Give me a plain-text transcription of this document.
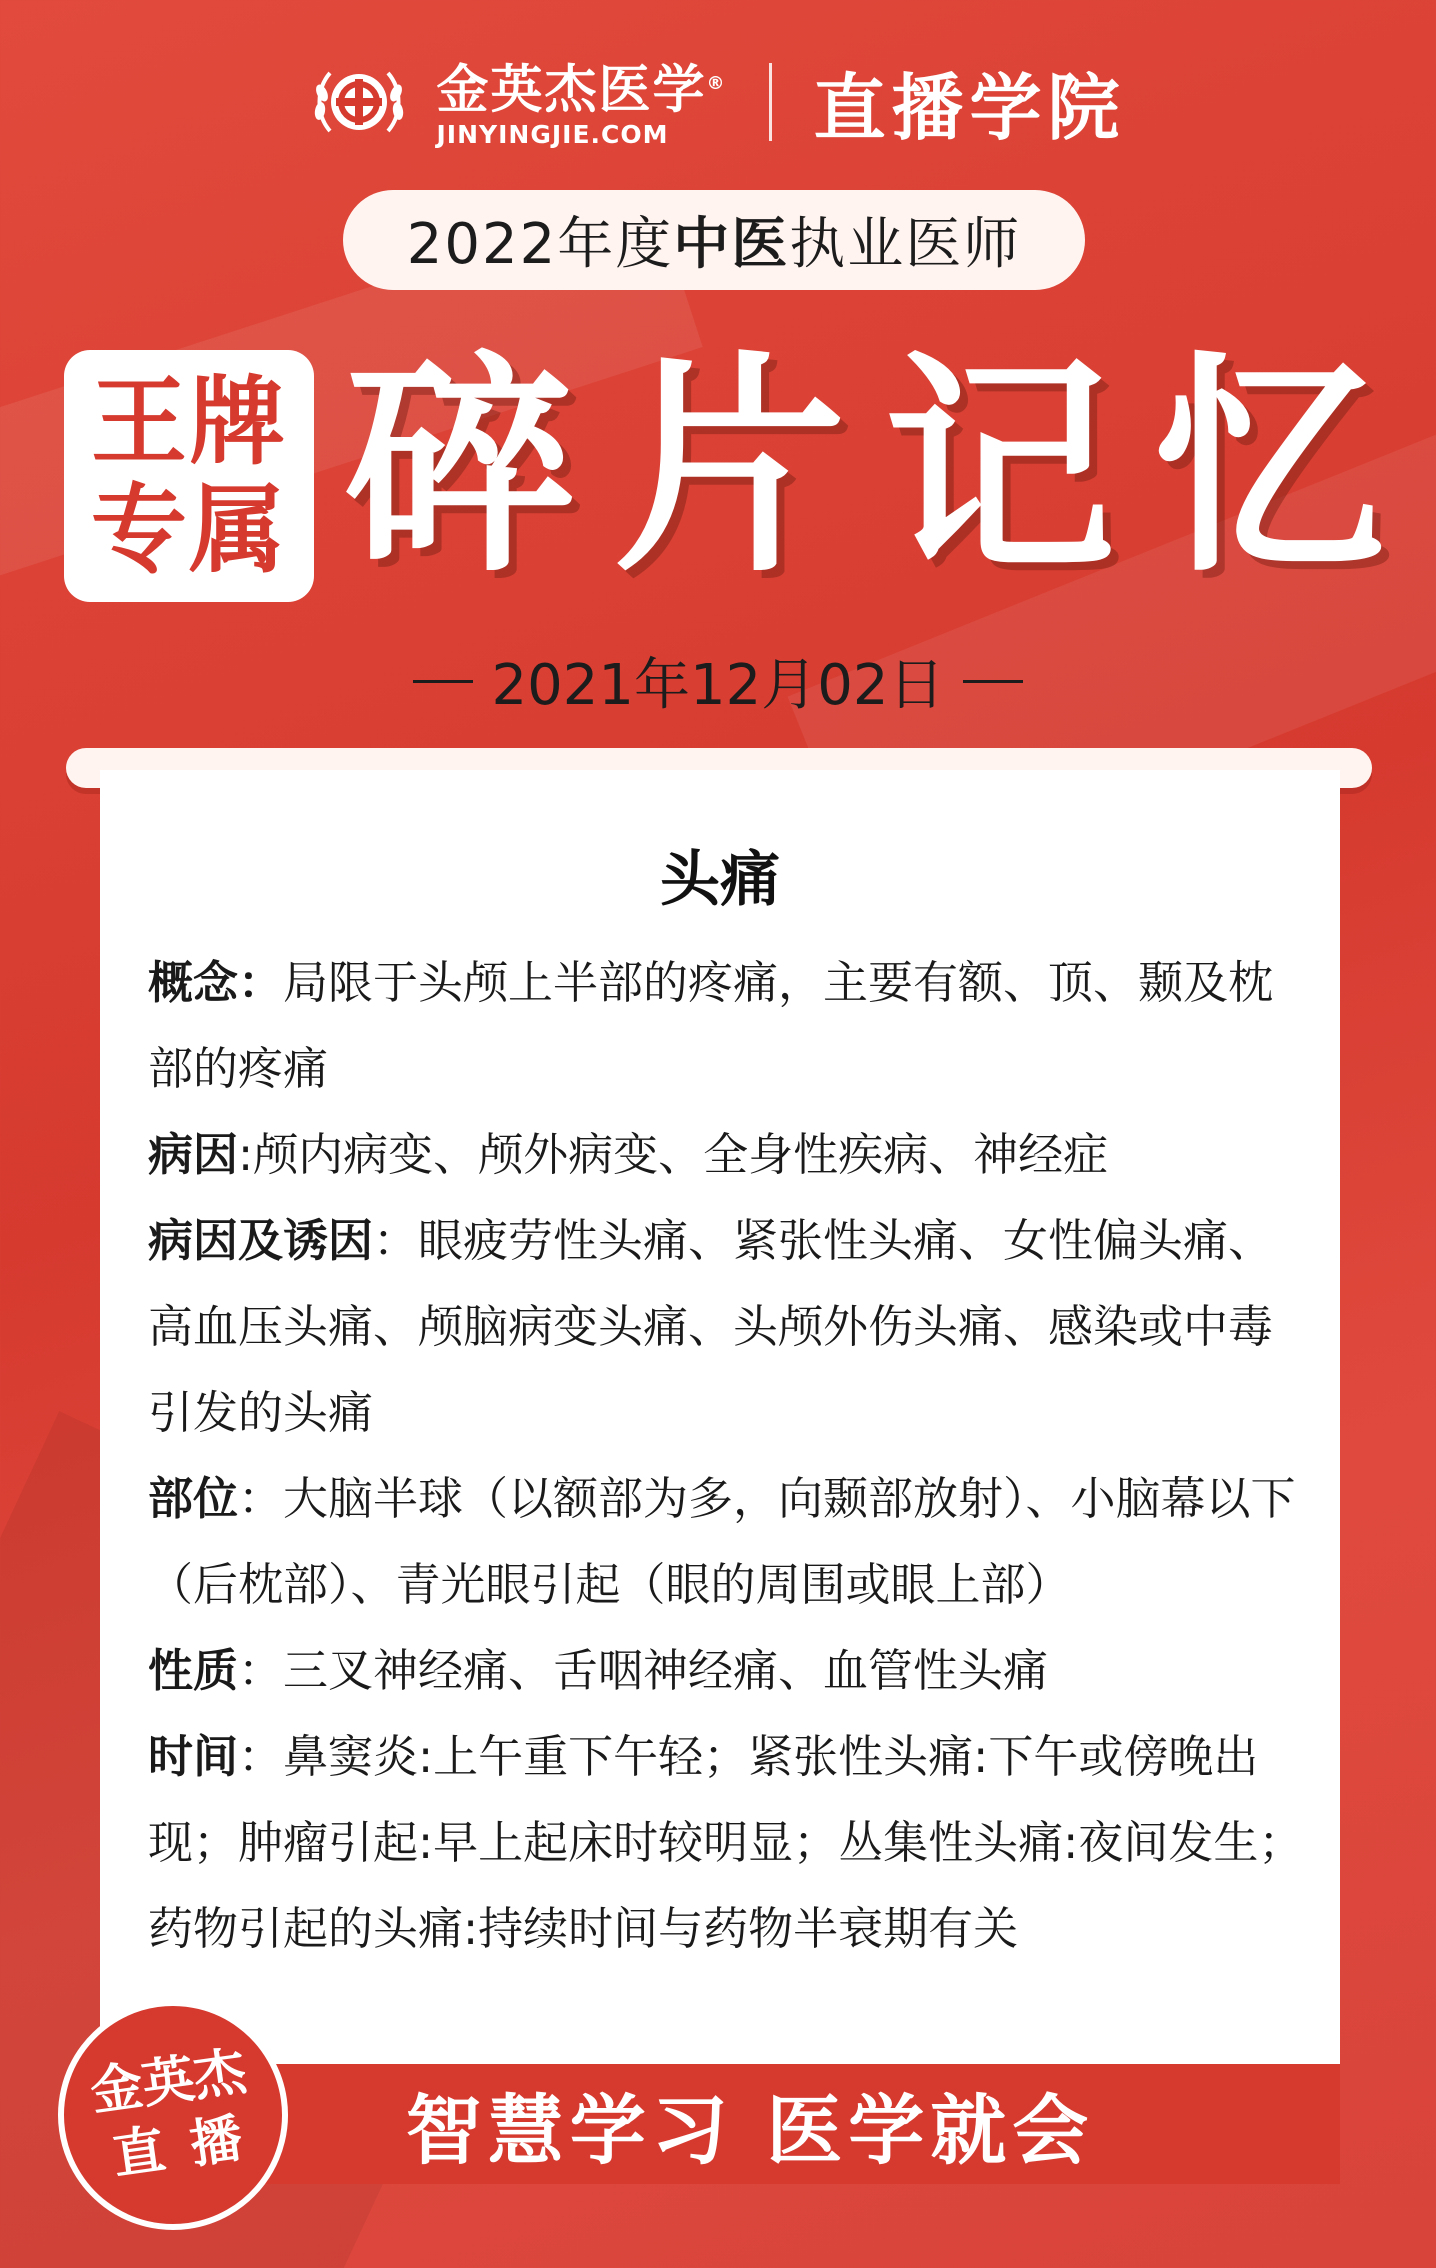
金英杰医学®
JINYINGJIE.COM 直播学院
2022年度 中医 执业医师
王牌
专属 碎 片 记 忆
2021年12月02日
头痛

概念：局限于头颅上半部的疼痛，主要有额、顶、颞及枕部的疼痛

病因:颅内病变、颅外病变、全身性疾病、神经症

病因及诱因：眼疲劳性头痛、紧张性头痛、女性偏头痛、高血压头痛、颅脑病变头痛、头颅外伤头痛、感染或中毒引发的头痛

部位：大脑半球（以额部为多，向颞部放射）、小脑幕以下（后枕部）、青光眼引起（眼的周围或眼上部）

性质：三叉神经痛、舌咽神经痛、血管性头痛

时间：鼻窦炎:上午重下午轻；紧张性头痛:下午或傍晚出现；肿瘤引起:早上起床时较明显；丛集性头痛:夜间发生；药物引起的头痛:持续时间与药物半衰期有关

智慧学习 医学就会
金英杰
直播
